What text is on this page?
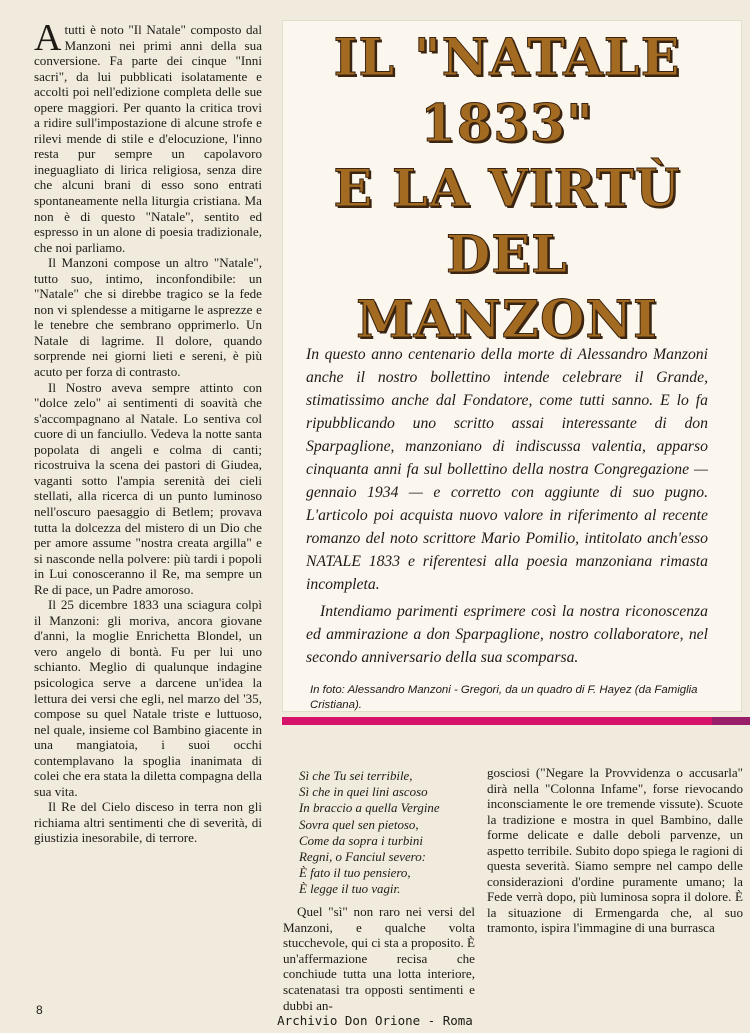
Atutti è noto "Il Natale" composto dal Manzoni nei primi anni della sua conversione. Fa parte dei cinque "Inni sacri", da lui pubblicati isolatamente e accolti poi nell'edizione completa delle sue opere maggiori. Per quanto la critica trovi a ridire sull'impostazione di alcune strofe e rilevi mende di stile e d'elocuzione, l'inno resta pur sempre un capolavoro ineguagliato di lirica religiosa, senza dire che alcuni brani di esso sono entrati spontaneamente nella liturgia cristiana. Ma non è di questo "Natale", sentito ed espresso in un alone di poesia tradizionale, che noi parliamo.

Il Manzoni compose un altro "Natale", tutto suo, intimo, inconfondibile: un "Natale" che si direbbe tragico se la fede non vi splendesse a mitigarne le asprezze e le tenebre che sembrano opprimerlo. Un Natale di lagrime. Il dolore, quando sorprende nei giorni lieti e sereni, è più acuto per forza di contrasto.

Il Nostro aveva sempre attinto con "dolce zelo" ai sentimenti di soavità che s'accompagnano al Natale. Lo sentiva col cuore di un fanciullo. Vedeva la notte santa popolata di angeli e colma di canti; ricostruiva la scena dei pastori di Giudea, vaganti sotto l'ampia serenità dei cieli stellati, alla ricerca di un punto luminoso nell'oscuro paesaggio di Betlem; provava tutta la dolcezza del mistero di un Dio che per amore assume "nostra creata argilla" e si nasconde nella polvere: più tardi i popoli in Lui conosceranno il Re, ma sempre un Re di pace, un Padre amoroso.

Il 25 dicembre 1833 una sciagura colpì il Manzoni: gli moriva, ancora giovane d'anni, la moglie Enrichetta Blondel, un vero angelo di bontà. Fu per lui uno schianto. Meglio di qualunque indagine psicologica serve a darcene un'idea la lettura dei versi che egli, nel marzo del '35, compose su quel Natale triste e luttuoso, nel quale, insieme col Bambino giacente in una mangiatoia, i suoi occhi contemplavano la spoglia inanimata di colei che era stata la diletta compagna della sua vita.

Il Re del Cielo disceso in terra non gli richiama altri sentimenti che di severità, di giustizia inesorabile, di terrore.

IL "NATALE
1833"
E LA VIRTÙ
DEL
MANZONI

In questo anno centenario della morte di Alessandro Manzoni anche il nostro bollettino intende celebrare il Grande, stimatissimo anche dal Fondatore, come tutti sanno. E lo fa ripubblicando uno scritto assai interessante di don Sparpaglione, manzoniano di indiscussa valentia, apparso cinquanta anni fa sul bollettino della nostra Congregazione — gennaio 1934 — e corretto con aggiunte di suo pugno. L'articolo poi acquista nuovo valore in riferimento al recente romanzo del noto scrittore Mario Pomilio, intitolato anch'esso NATALE 1833 e riferentesi alla poesia manzoniana rimasta incompleta.

Intendiamo parimenti esprimere così la nostra riconoscenza ed ammirazione a don Sparpaglione, nostro collaboratore, nel secondo anniversario della sua scomparsa.

In foto: Alessandro Manzoni - Gregori, da un quadro di F. Hayez (da Famiglia Cristiana).
Sì che Tu sei terribile,
Sì che in quei lini ascoso
In braccio a quella Vergine
Sovra quel sen pietoso,
Come da sopra i turbini
Regni, o Fanciul severo:
È fato il tuo pensiero,
È legge il tuo vagir.

Quel "sì" non raro nei versi del Manzoni, e qualche volta stucchevole, qui ci sta a proposito. È un'affermazione recisa che conchiude tutta una lotta interiore, scatenatasi tra opposti sentimenti e dubbi an-

gosciosi ("Negare la Provvidenza o accusarla" dirà nella "Colonna Infame", forse rievocando inconsciamente le ore tremende vissute). Scuote la tradizione e mostra in quel Bambino, dalle forme delicate e dalle deboli parvenze, un aspetto terribile. Subito dopo spiega le ragioni di questa severità. Siamo sempre nel campo delle considerazioni d'ordine puramente umano; la Fede verrà dopo, più luminosa sopra il dolore. È la situazione di Ermengarda che, al suo tramonto, ispira l'immagine di una burrasca

8
Archivio Don Orione - Roma
